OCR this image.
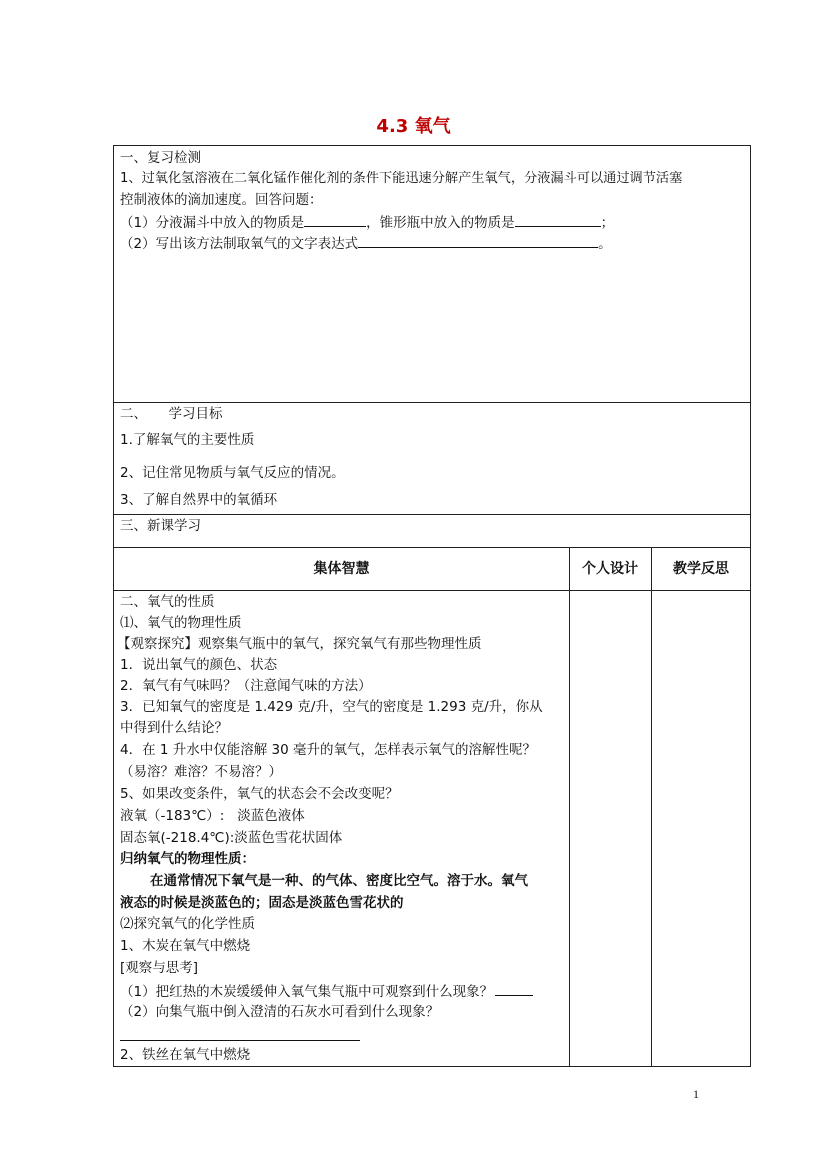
4.3 氧气
一、复习检测
1、过氧化氢溶液在二氧化锰作催化剂的条件下能迅速分解产生氧气，分液漏斗可以通过调节活塞
控制液体的滴加速度。回答问题：
（1）分液漏斗中放入的物质是	，锥形瓶中放入的物质是	；
（2）写出该方法制取氧气的文字表达式	。
二、     学习目标
1.了解氧气的主要性质
2、记住常见物质与氧气反应的情况。
3、了解自然界中的氧循环
三、新课学习
集体智慧	个人设计	教学反思
二、氧气的性质
⑴、氧气的物理性质
【观察探究】观察集气瓶中的氧气，探究氧气有那些物理性质
1．说出氧气的颜色、状态
2．氧气有气味吗？（注意闻气味的方法）
3．已知氧气的密度是 1.429 克/升，空气的密度是 1.293 克/升，你从
中得到什么结论？
4．在 1 升水中仅能溶解 30 毫升的氧气，怎样表示氧气的溶解性呢？
（易溶？难溶？不易溶？）
5、如果改变条件，氧气的状态会不会改变呢？
液氧（-183℃）:   淡蓝色液体
固态氧(-218.4℃):淡蓝色雪花状固体
归纳氧气的物理性质：
在通常情况下氧气是一种、的气体、密度比空气。溶于水。氧气
液态的时候是淡蓝色的；固态是淡蓝色雪花状的
⑵探究氧气的化学性质
1、木炭在氧气中燃烧
[观察与思考]
（1）把红热的木炭缓缓伸入氧气集气瓶中可观察到什么现象？
（2）向集气瓶中倒入澄清的石灰水可看到什么现象？
2、铁丝在氧气中燃烧
1
